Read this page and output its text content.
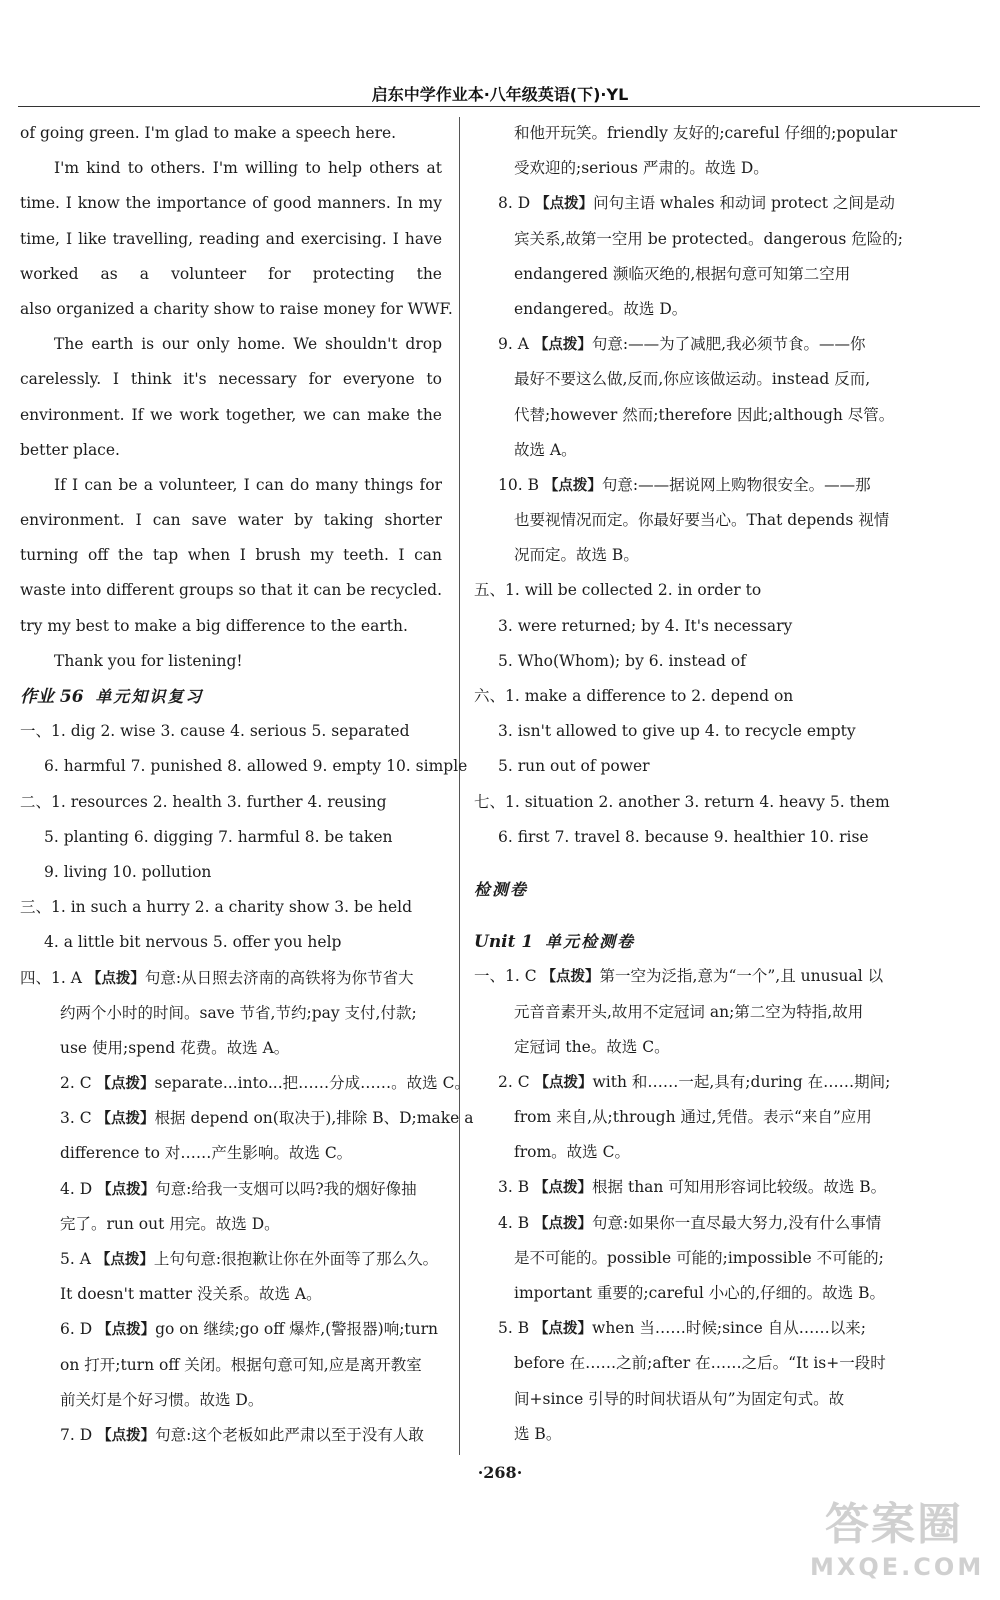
启东中学作业本·八年级英语(下)·YL
of going green. I'm glad to make a speech here.
I'm kind to others. I'm willing to help others at
time. I know the importance of good manners. In my
time, I like travelling, reading and exercising. I have
worked as a volunteer for protecting the
also organized a charity show to raise money for WWF.
The earth is our only home. We shouldn't drop
carelessly. I think it's necessary for everyone to
environment. If we work together, we can make the
better place.
If I can be a volunteer, I can do many things for
environment. I can save water by taking shorter
turning off the tap when I brush my teeth. I can
waste into different groups so that it can be recycled.
try my best to make a big difference to the earth.
Thank you for listening!
作业 56 单元知识复习
一、1. dig 2. wise 3. cause 4. serious 5. separated
6. harmful 7. punished 8. allowed 9. empty 10. simple
二、1. resources 2. health 3. further 4. reusing
5. planting 6. digging 7. harmful 8. be taken
9. living 10. pollution
三、1. in such a hurry 2. a charity show 3. be held
4. a little bit nervous 5. offer you help
四、1. A 【点拨】句意:从日照去济南的高铁将为你节省大
约两个小时的时间。save 节省,节约;pay 支付,付款;
use 使用;spend 花费。故选 A。
2. C 【点拨】separate...into...把……分成……。故选 C。
3. C 【点拨】根据 depend on(取决于),排除 B、D;make a
difference to 对……产生影响。故选 C。
4. D 【点拨】句意:给我一支烟可以吗?我的烟好像抽
完了。run out 用完。故选 D。
5. A 【点拨】上句句意:很抱歉让你在外面等了那么久。
It doesn't matter 没关系。故选 A。
6. D 【点拨】go on 继续;go off 爆炸,(警报器)响;turn
on 打开;turn off 关闭。根据句意可知,应是离开教室
前关灯是个好习惯。故选 D。
7. D 【点拨】句意:这个老板如此严肃以至于没有人敢
和他开玩笑。friendly 友好的;careful 仔细的;popular
受欢迎的;serious 严肃的。故选 D。
8. D 【点拨】问句主语 whales 和动词 protect 之间是动
宾关系,故第一空用 be protected。dangerous 危险的;
endangered 濒临灭绝的,根据句意可知第二空用
endangered。故选 D。
9. A 【点拨】句意:——为了减肥,我必须节食。——你
最好不要这么做,反而,你应该做运动。instead 反而,
代替;however 然而;therefore 因此;although 尽管。
故选 A。
10. B 【点拨】句意:——据说网上购物很安全。——那
也要视情况而定。你最好要当心。That depends 视情
况而定。故选 B。
五、1. will be collected 2. in order to
3. were returned; by 4. It's necessary
5. Who(Whom); by 6. instead of
六、1. make a difference to 2. depend on
3. isn't allowed to give up 4. to recycle empty
5. run out of power
七、1. situation 2. another 3. return 4. heavy 5. them
6. first 7. travel 8. because 9. healthier 10. rise
检测卷
Unit 1 单元检测卷
一、1. C 【点拨】第一空为泛指,意为“一个”,且 unusual 以
元音音素开头,故用不定冠词 an;第二空为特指,故用
定冠词 the。故选 C。
2. C 【点拨】with 和……一起,具有;during 在……期间;
from 来自,从;through 通过,凭借。表示“来自”应用
from。故选 C。
3. B 【点拨】根据 than 可知用形容词比较级。故选 B。
4. B 【点拨】句意:如果你一直尽最大努力,没有什么事情
是不可能的。possible 可能的;impossible 不可能的;
important 重要的;careful 小心的,仔细的。故选 B。
5. B 【点拨】when 当……时候;since 自从……以来;
before 在……之前;after 在……之后。“It is+一段时
间+since 引导的时间状语从句”为固定句式。故
选 B。
·268·
答案圈
MXQE.COM
